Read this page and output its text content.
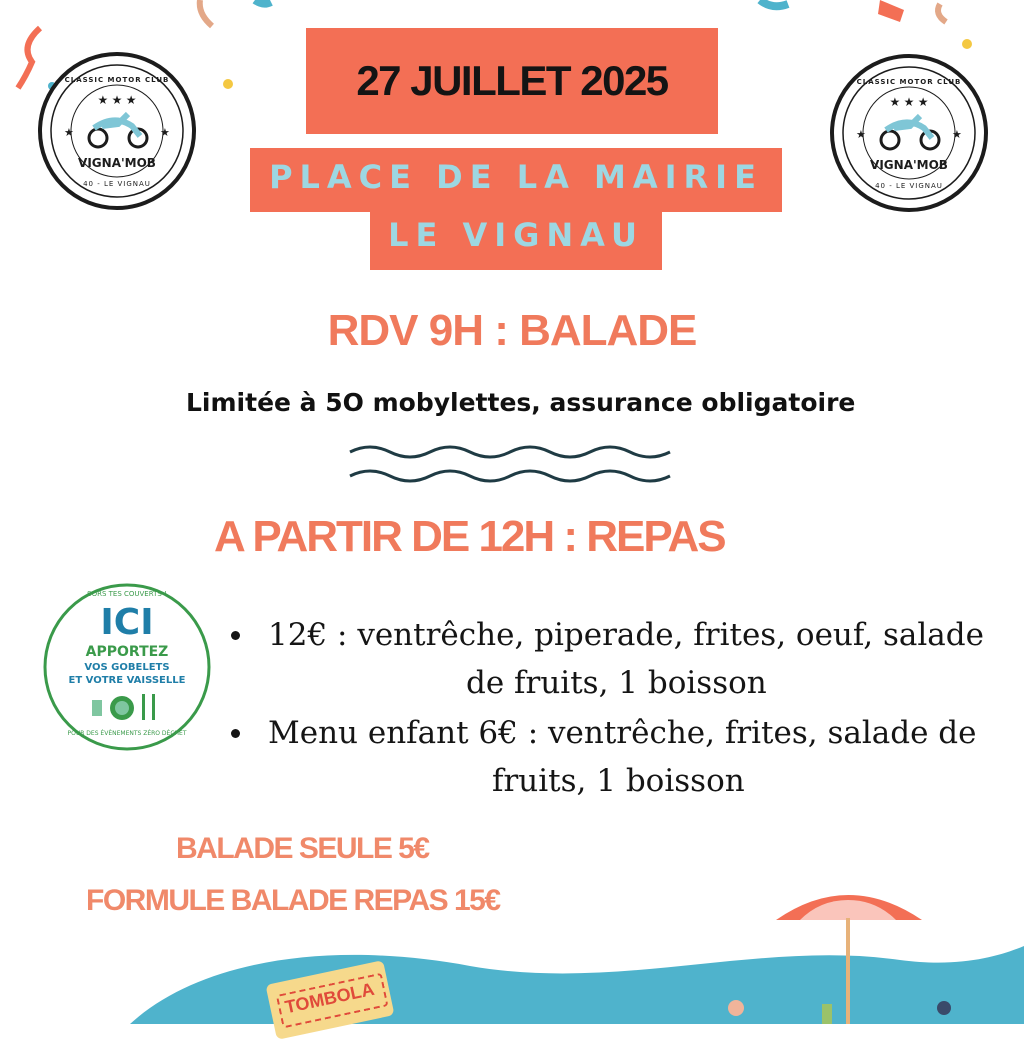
★ ★ ★
★	★
CLASSIC MOTOR CLUB
VIGNA'MOB
40 - LE VIGNAU
★ ★ ★
★	★
CLASSIC MOTOR CLUB
VIGNA'MOB
40 - LE VIGNAU
27 JUILLET 2025
PLACE DE LA MAIRIE
LE VIGNAU
RDV 9H : BALADE
Limitée à 5O mobylettes, assurance obligatoire
A PARTIR DE 12H : REPAS
SORS TES COUVERTS !
ICI
APPORTEZ
VOS GOBELETS
ET VOTRE VAISSELLE
POUR DES ÉVÈNEMENTS ZÉRO DÉCHET
12€ : ventrêche, piperade, frites, oeuf, salade
de fruits, 1 boisson
Menu enfant 6€ : ventrêche, frites, salade de
fruits, 1 boisson
BALADE SEULE 5€
FORMULE BALADE REPAS 15€
TOMBOLA
